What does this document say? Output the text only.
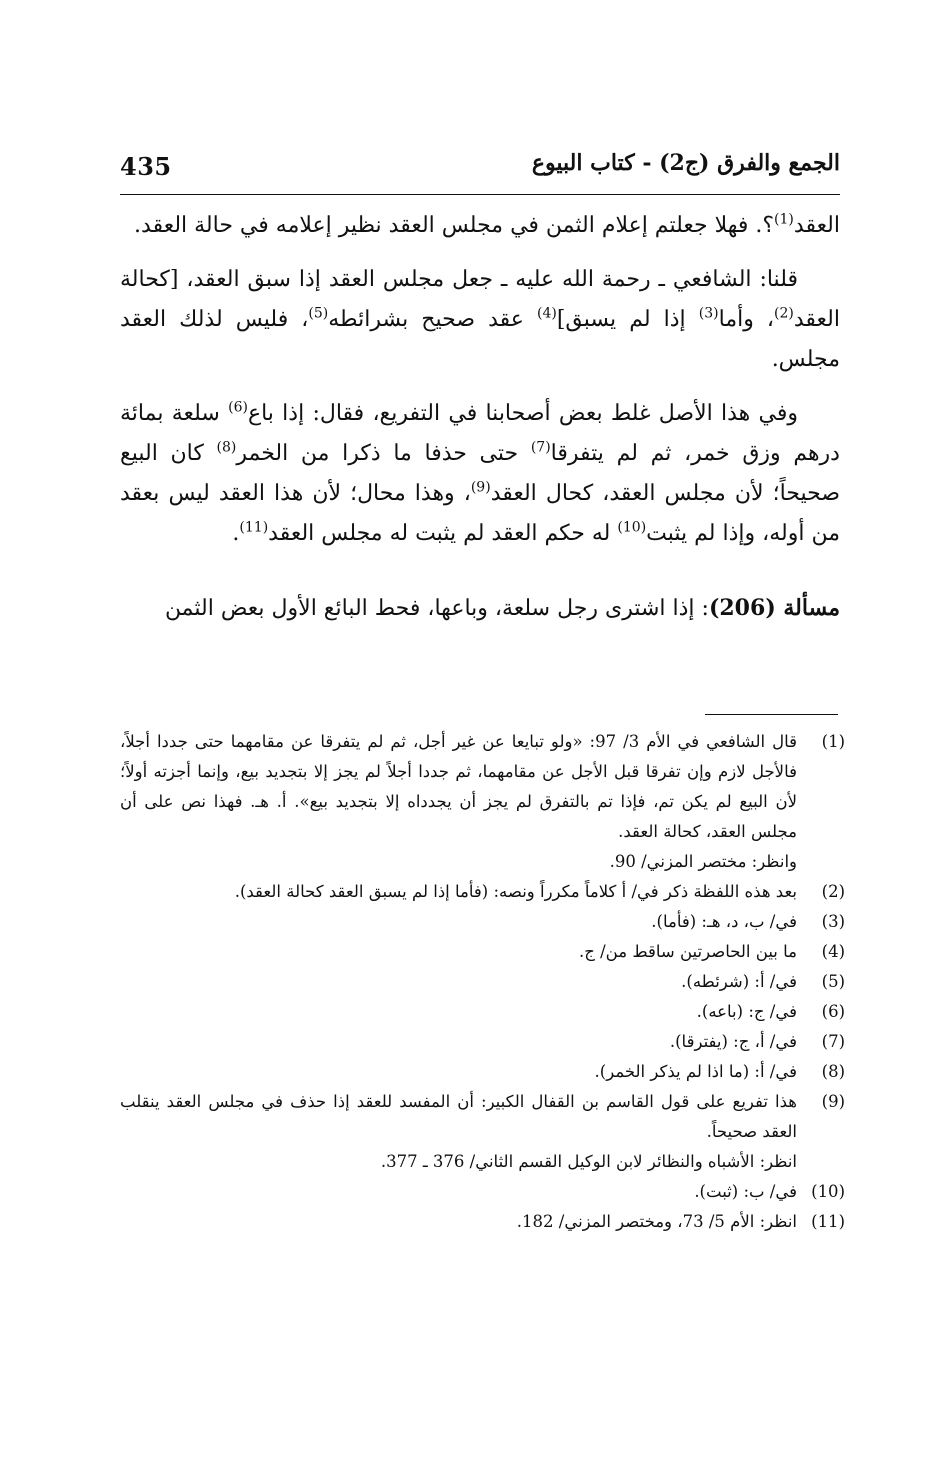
435	الجمع والفرق (ج2) - كتاب البيوع

العقد$^{(1)}$؟. فهلا جعلتم إعلام الثمن في مجلس العقد نظير إعلامه في حالة العقد.

قلنا: الشافعي ـ رحمة الله عليه ـ جعل مجلس العقد إذا سبق العقد، [كحالة العقد$^{(2)}$، وأما$^{(3)}$ إذا لم يسبق]$^{(4)}$ عقد صحيح بشرائطه$^{(5)}$، فليس لذلك العقد مجلس.

وفي هذا الأصل غلط بعض أصحابنا في التفريع، فقال: إذا باع$^{(6)}$ سلعة بمائة درهم وزق خمر، ثم لم يتفرقا$^{(7)}$ حتى حذفا ما ذكرا من الخمر$^{(8)}$ كان البيع صحيحاً؛ لأن مجلس العقد، كحال العقد$^{(9)}$، وهذا محال؛ لأن هذا العقد ليس بعقد من أوله، وإذا لم يثبت$^{(10)}$ له حكم العقد لم يثبت له مجلس العقد$^{(11)}$.

مسألة (206): إذا اشترى رجل سلعة، وباعها، فحط البائع الأول بعض الثمن

(1)
قال الشافعي في الأم 3/ 97: «ولو تبايعا عن غير أجل، ثم لم يتفرقا عن مقامهما حتى جددا أجلاً، فالأجل لازم وإن تفرقا قبل الأجل عن مقامهما، ثم جددا أجلاً لم يجز إلا بتجديد بيع، وإنما أجزته أولاً؛ لأن البيع لم يكن تم، فإذا تم بالتفرق لم يجز أن يجدداه إلا بتجديد بيع». أ. هـ. فهذا نص على أن مجلس العقد، كحالة العقد.
وانظر: مختصر المزني/ 90.
(2)
بعد هذه اللفظة ذكر في/ أ كلاماً مكرراً ونصه: (فأما إذا لم يسبق العقد كحالة العقد).
(3)
في/ ب، د، هـ: (فأما).
(4)
ما بين الحاصرتين ساقط من/ ج.
(5)
في/ أ: (شرئطه).
(6)
في/ ج: (باعه).
(7)
في/ أ، ج: (يفترقا).
(8)
في/ أ: (ما اذا لم يذكر الخمر).
(9)
هذا تفريع على قول القاسم بن القفال الكبير: أن المفسد للعقد إذا حذف في مجلس العقد ينقلب العقد صحيحاً.
انظر: الأشباه والنظائر لابن الوكيل القسم الثاني/ 376 ـ 377.
(10)
في/ ب: (ثبت).
(11)
انظر: الأم 5/ 73، ومختصر المزني/ 182.
